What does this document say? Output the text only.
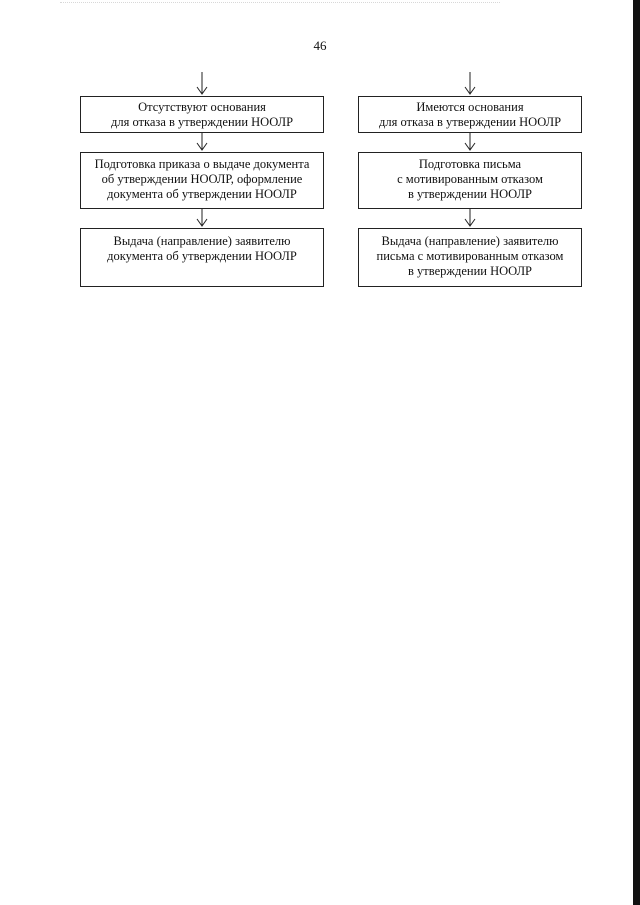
46
Отсутствуют основания
для отказа в утверждении НООЛР
Подготовка приказа о выдаче документа
об утверждении НООЛР, оформление
документа об утверждении НООЛР
Выдача (направление) заявителю
документа об утверждении НООЛР
Имеются основания
для отказа в утверждении НООЛР
Подготовка письма
с мотивированным отказом
в утверждении НООЛР
Выдача (направление) заявителю
письма с мотивированным отказом
в утверждении НООЛР
